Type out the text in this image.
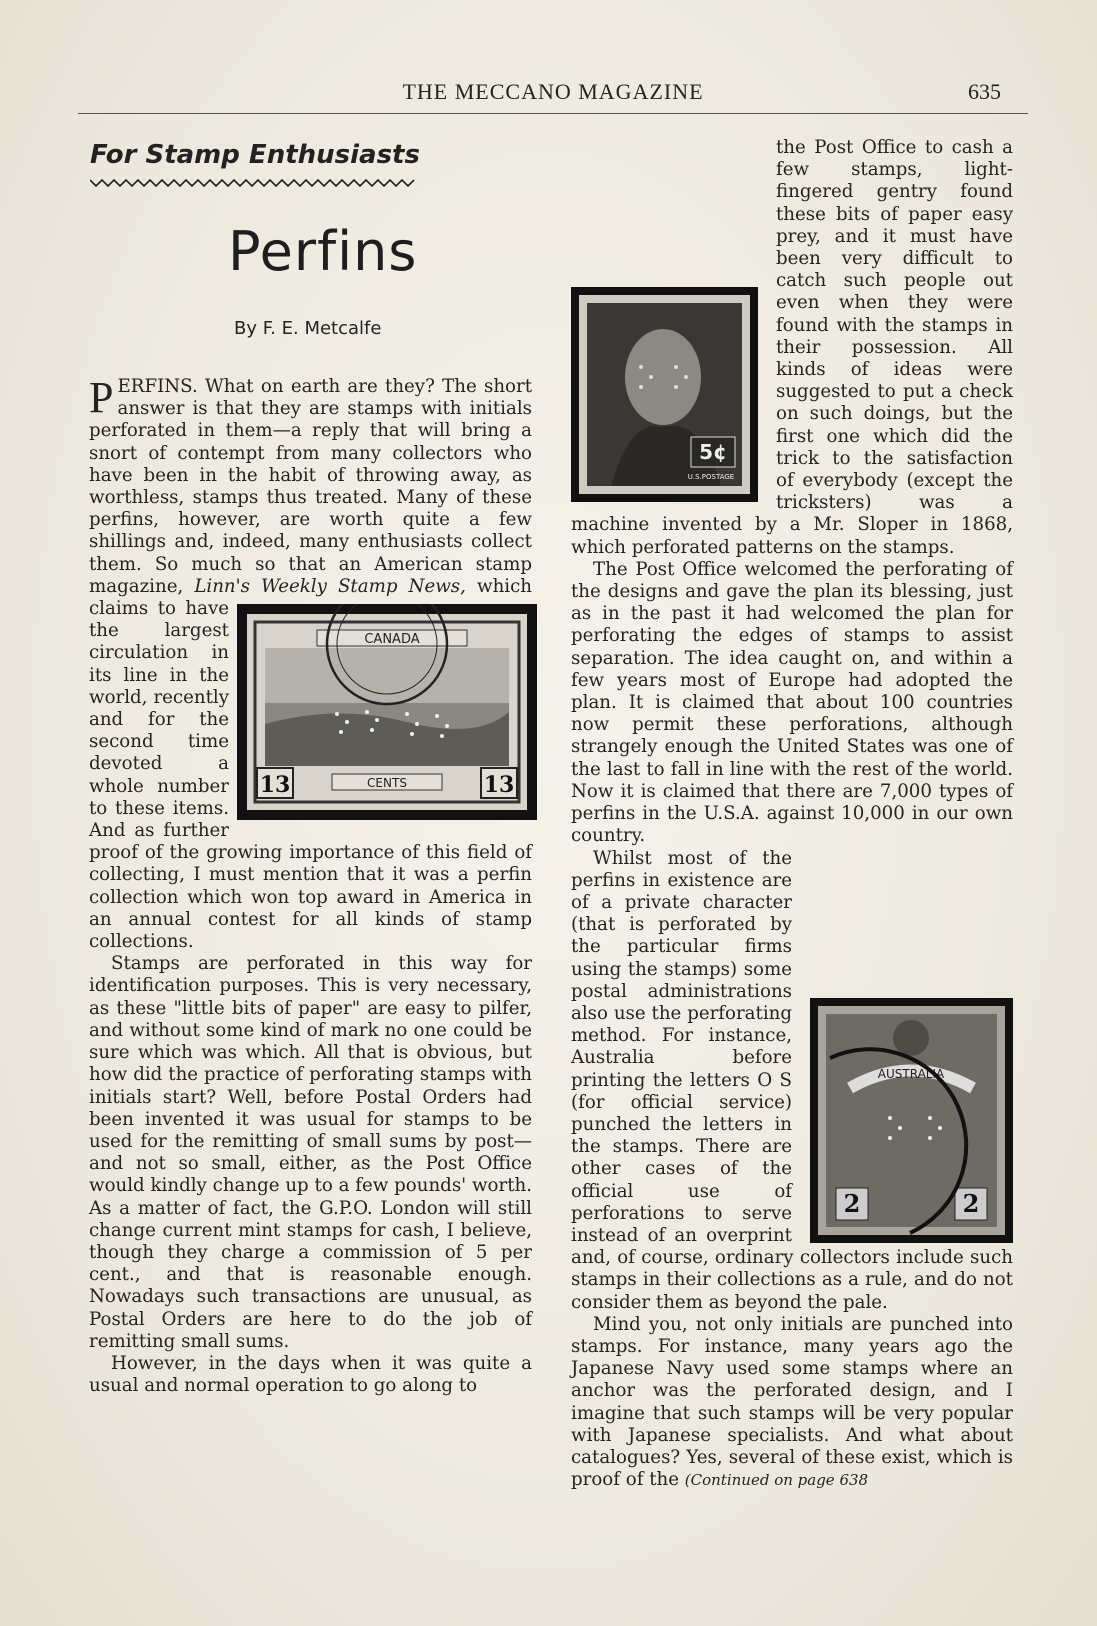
THE MECCANO MAGAZINE	635
For Stamp Enthusiasts
Perfins
By F. E. Metcalfe

PERFINS. What on earth are they? The short answer is that they are stamps with initials perforated in them—a reply that will bring a snort of contempt from many collectors who have been in the habit of throwing away, as worthless, stamps thus treated. Many of these perfins, however, are worth quite a few shillings and, indeed, many enthusiasts collect them. So much so that an American stamp magazine, Linn's Weekly Stamp News,
CANADA
13	13
CENTS
which claims to have the largest circulation in its line in the world, recently and for the second time devoted a whole number to these items. And as further proof of the growing importance of this field of collecting, I must mention that it was a perfin collection which won top award in America in an annual contest for all kinds of stamp collections.

Stamps are perforated in this way for identification purposes. This is very necessary, as these "little bits of paper" are easy to pilfer, and without some kind of mark no one could be sure which was which. All that is obvious, but how did the practice of perforating stamps with initials start? Well, before Postal Orders had been invented it was usual for stamps to be used for the remitting of small sums by post—and not so small, either, as the Post Office would kindly change up to a few pounds' worth. As a matter of fact, the G.P.O. London will still change current mint stamps for cash, I believe, though they charge a commission of 5 per cent., and that is reasonable enough. Nowadays such transactions are unusual, as Postal Orders are here to do the job of remitting small sums.

However, in the days when it was quite a usual and normal operation to go along to

5¢
U.S.POSTAGE
the Post Office to cash a few stamps, light-fingered gentry found these bits of paper easy prey, and it must have been very difficult to catch such people out even when they were found with the stamps in their possession. All kinds of ideas were suggested to put a check on such doings, but the first one which did the trick to the satisfaction of everybody (except the tricksters) was a machine invented by a Mr. Sloper in 1868, which perforated patterns on the stamps.

The Post Office welcomed the perforating of the designs and gave the plan its blessing, just as in the past it had welcomed the plan for perforating the edges of stamps to assist separation. The idea caught on, and within a few years most of Europe had adopted the plan. It is claimed that about 100 countries now permit these perforations, although strangely enough the United States was one of the last to fall in line with the rest of the world. Now it is claimed that there are 7,000 types of perfins in the U.S.A. against 10,000 in our own country.

AUSTRALIA
2	2
Whilst most of the perfins in existence are of a private character (that is perforated by the particular firms using the stamps) some postal administrations also use the perforating method. For instance, Australia before printing the letters O S (for official service) punched the letters in the stamps. There are other cases of the official use of perforations to serve instead of an overprint and, of course, ordinary collectors include such stamps in their collections as a rule, and do not consider them as beyond the pale.

Mind you, not only initials are punched into stamps. For instance, many years ago the Japanese Navy used some stamps where an anchor was the perforated design, and I imagine that such stamps will be very popular with Japanese specialists. And what about catalogues? Yes, several of these exist, which is proof of the (Continued on page 638
